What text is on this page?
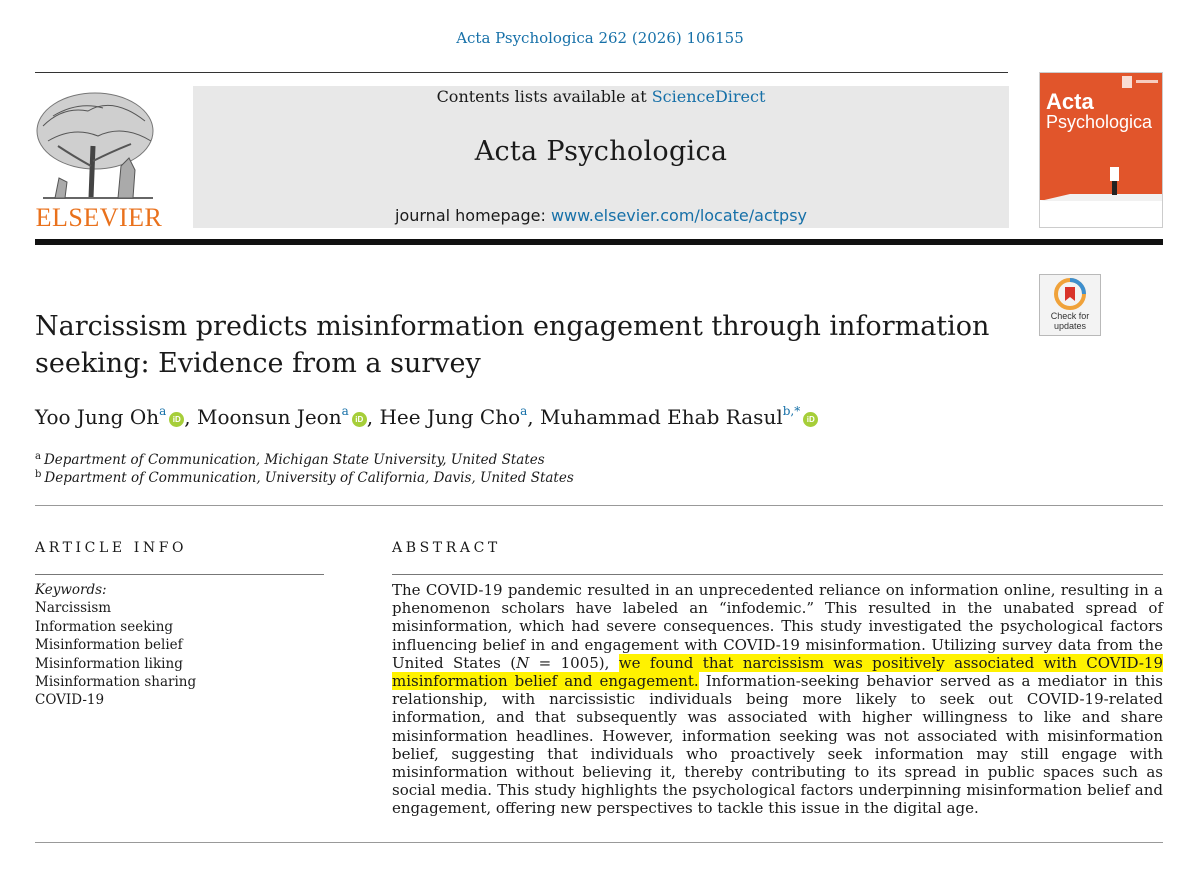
Acta Psychologica 262 (2026) 106155
ELSEVIER
Contents lists available at ScienceDirect
Acta Psychologica
journal homepage: www.elsevier.com/locate/actpsy
Acta
Psychologica
Check for
updates
Narcissism predicts misinformation engagement through information
seeking: Evidence from a survey
Yoo Jung Oh$^a$iD , Moonsun Jeon$^a$iD , Hee Jung Cho$^a$, Muhammad Ehab Rasul$^{b,*}$iD
$^a$ Department of Communication, Michigan State University, United States
$^b$ Department of Communication, University of California, Davis, United States
ARTICLE INFO	ABSTRACT
Keywords:
Narcissism
Information seeking
Misinformation belief
Misinformation liking
Misinformation sharing
COVID-19
The COVID-19 pandemic resulted in an unprecedented reliance on information online, resulting in a phenomenon scholars have labeled an “infodemic.” This resulted in the unabated spread of misinformation, which had severe consequences. This study investigated the psychological factors influencing belief in and engagement with COVID-19 misinformation. Utilizing survey data from the United States (N = 1005), we found that narcissism was positively associated with COVID-19 misinformation belief and engagement. Information-seeking behavior served as a mediator in this relationship, with narcissistic individuals being more likely to seek out COVID-19-related information, and that subsequently was associated with higher willingness to like and share misinformation headlines. However, information seeking was not associated with misinformation belief, suggesting that individuals who proactively seek information may still engage with misinformation without believing it, thereby contributing to its spread in public spaces such as social media. This study highlights the psychological factors underpinning misinformation belief and engagement, offering new perspectives to tackle this issue in the digital age.
